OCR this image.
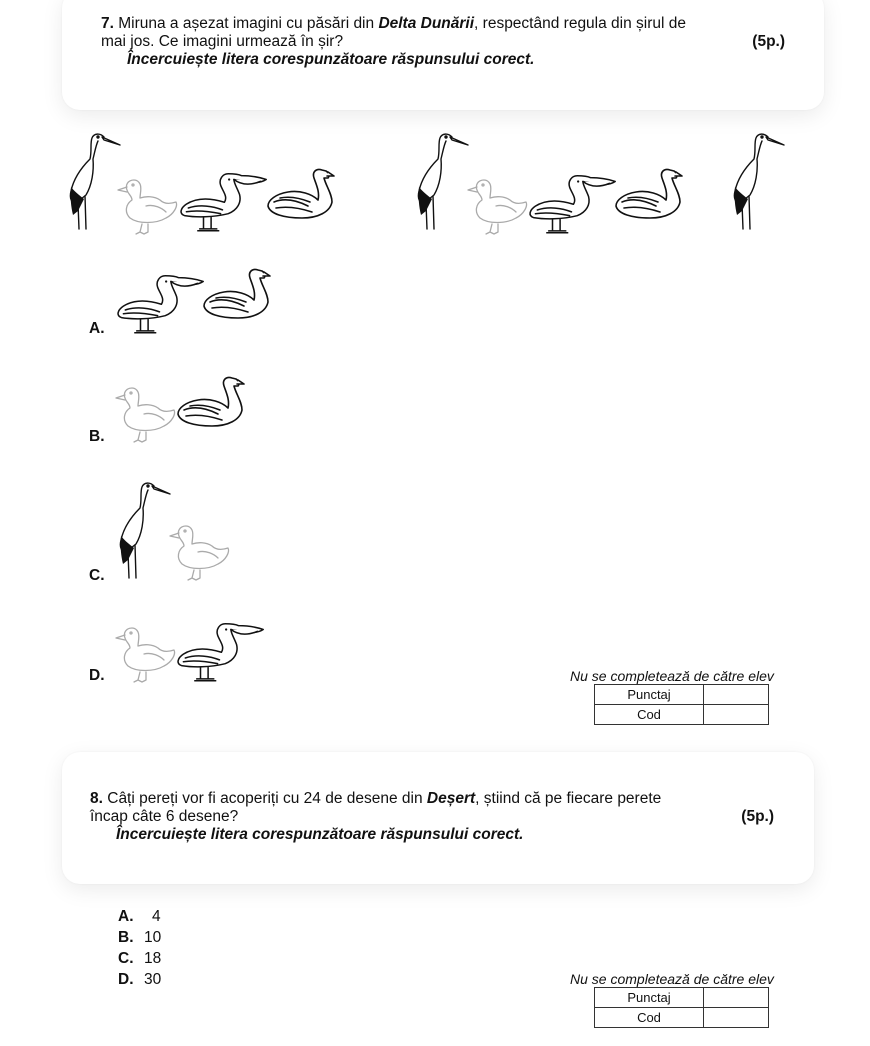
7. Miruna a așezat imagini cu păsări din Delta Dunării, respectând regula din șirul de
mai jos. Ce imagini urmează în șir?	(5p.)
Încercuiește litera corespunzătoare răspunsului corect.
A.
B.
C.
D.	Nu se completează de către elev
Punctaj	
Cod	
8. Câți pereți vor fi acoperiți cu 24 de desene din Deșert, știind că pe fiecare perete
încap câte 6 desene?	(5p.)
Încercuiește litera corespunzătoare răspunsului corect.
A. 4
B. 10
C. 18
D. 30	Nu se completează de către elev
Punctaj	
Cod	
